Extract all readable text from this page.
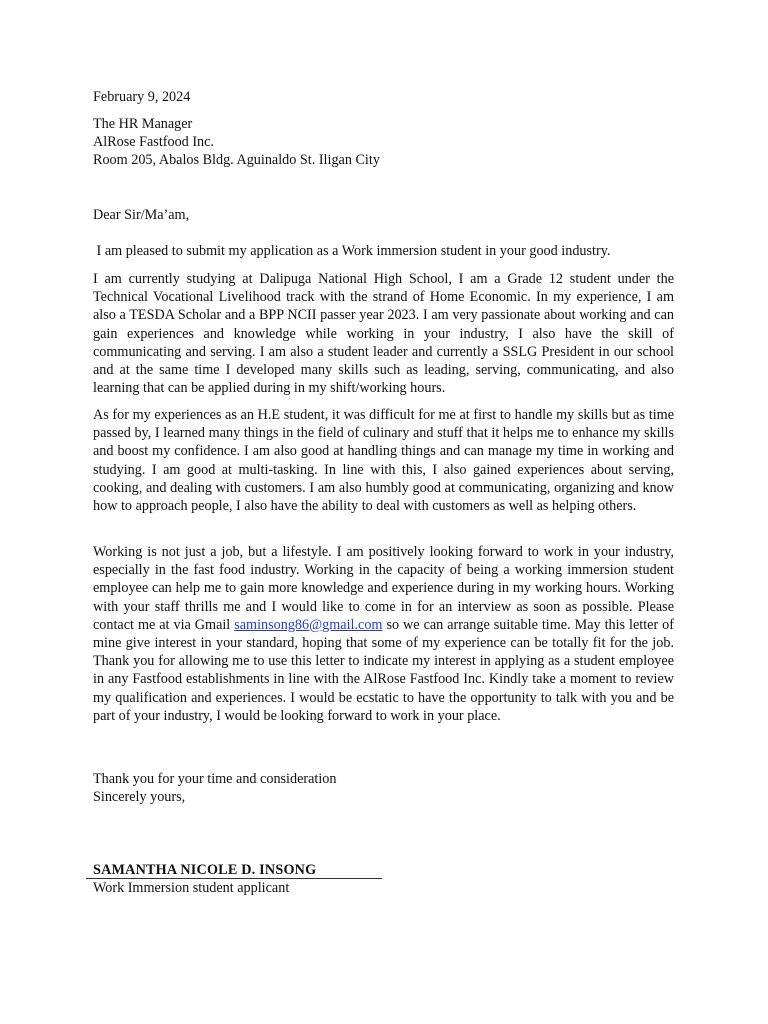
February 9, 2024
The HR Manager
AlRose Fastfood Inc.
Room 205, Abalos Bldg. Aguinaldo St. Iligan City
Dear Sir/Ma’am,

I am pleased to submit my application as a Work immersion student in your good industry.

I am currently studying at Dalipuga National High School, I am a Grade 12 student under the Technical Vocational Livelihood track with the strand of Home Economic. In my experience, I am also a TESDA Scholar and a BPP NCII passer year 2023. I am very passionate about working and can gain experiences and knowledge while working in your industry, I also have the skill of communicating and serving. I am also a student leader and currently a SSLG President in our school and at the same time I developed many skills such as leading, serving, communicating, and also learning that can be applied during in my shift/working hours.

As for my experiences as an H.E student, it was difficult for me at first to handle my skills but as time passed by, I learned many things in the field of culinary and stuff that it helps me to enhance my skills and boost my confidence. I am also good at handling things and can manage my time in working and studying. I am good at multi-tasking. In line with this, I also gained experiences about serving, cooking, and dealing with customers. I am also humbly good at communicating, organizing and know how to approach people, I also have the ability to deal with customers as well as helping others.

Working is not just a job, but a lifestyle. I am positively looking forward to work in your industry, especially in the fast food industry. Working in the capacity of being a working immersion student employee can help me to gain more knowledge and experience during in my working hours. Working with your staff thrills me and I would like to come in for an interview as soon as possible. Please contact me at via Gmail saminsong86@gmail.com so we can arrange suitable time. May this letter of mine give interest in your standard, hoping that some of my experience can be totally fit for the job. Thank you for allowing me to use this letter to indicate my interest in applying as a student employee in any Fastfood establishments in line with the AlRose Fastfood Inc. Kindly take a moment to review my qualification and experiences. I would be ecstatic to have the opportunity to talk with you and be part of your industry, I would be looking forward to work in your place.

Thank you for your time and consideration
Sincerely yours,
SAMANTHA NICOLE D. INSONG
Work Immersion student applicant
